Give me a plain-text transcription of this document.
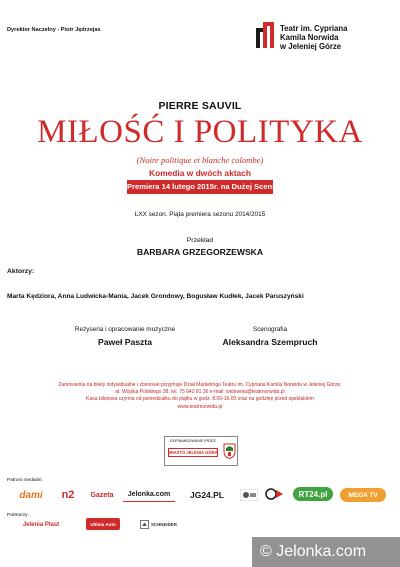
Dyrektor Naczelny - Piotr Jędrzejas	Teatr im. Cypriana
Kamila Norwida
w Jeleniej Górze
PIERRE SAUVIL
MIŁOŚĆ I POLITYKA
(Noire politique et blanche colombe)
Komedia w dwóch aktach
Premiera 14 lutego 2015r. na Dużej Scenie
LXX sezon. Piąta premiera sezonu 2014/2015
Przekład
BARBARA GRZEGORZEWSKA
Aktorzy:
Marta Kędziora, Anna Ludwicka-Mania, Jacek Grondowy, Bogusław Kudłek, Jacek Paruszyński
Reżyseria i opracowanie muzyczne
Paweł Paszta
Scenografia
Aleksandra Szempruch
Zamówienia na bilety indywidualne i zbiorowe przyjmuje Dział Marketingu Teatru im. Cypriana Kamila Norwida w Jeleniej Górze,
al. Wojska Polskiego 38, tel. 75 642 81 36 e-mail: widownia@teatrnorwida.pl
Kasa biletowa czynna od poniedziałku do piątku w godz. 8.00-16.00 oraz na godzinę przed spektaklem
www.teatrnorwida.pl
DOFINANSOWANIE PRZEZ
MIASTO JELENIA GÓRA
Patroni medialni:
dami	n2	Gazeta	Jelonka.com	JG24.PL	RT24.pl	MEGA TV
Partnerzy:
Jelenia Plast	Ultima Auto	SCHNEIDER
© Jelonka.com
